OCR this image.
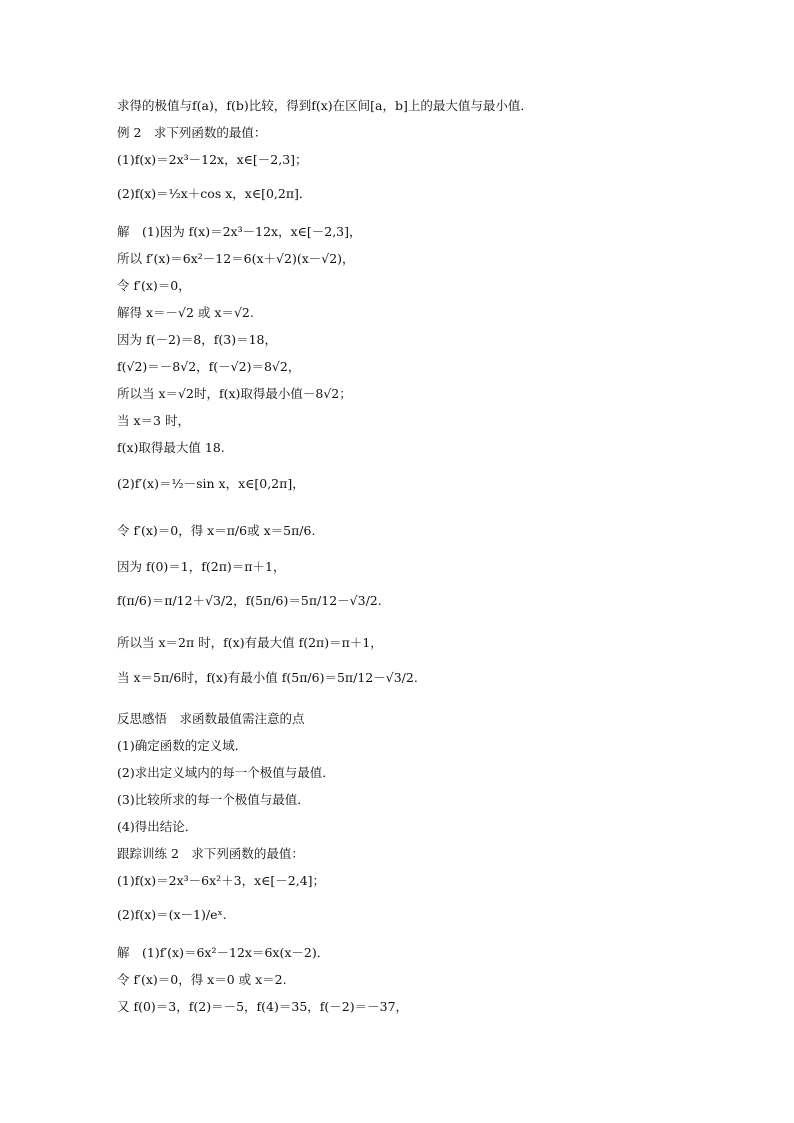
求得的极值与f(a)，f(b)比较，得到f(x)在区间[a，b]上的最大值与最小值．
例 2　求下列函数的最值：
(1)f(x)＝2x³－12x，x∈[－2,3]；
(2)f(x)＝½x＋cos x，x∈[0,2π]．
解　(1)因为 f(x)＝2x³－12x，x∈[－2,3]，
所以 f′(x)＝6x²－12＝6(x＋√2)(x－√2)，
令 f′(x)＝0，
解得 x＝－√2 或 x＝√2.
因为 f(－2)＝8，f(3)＝18，
f(√2)＝－8√2，f(－√2)＝8√2，
所以当 x＝√2时，f(x)取得最小值－8√2；
当 x＝3 时，
f(x)取得最大值 18.
(2)f′(x)＝½－sin x，x∈[0,2π]，
令 f′(x)＝0，得 x＝π/6或 x＝5π/6.
因为 f(0)＝1，f(2π)＝π＋1，
f(π/6)＝π/12＋√3/2，f(5π/6)＝5π/12－√3/2.
所以当 x＝2π 时，f(x)有最大值 f(2π)＝π＋1，
当 x＝5π/6时，f(x)有最小值 f(5π/6)＝5π/12－√3/2.
反思感悟　求函数最值需注意的点
(1)确定函数的定义域．
(2)求出定义域内的每一个极值与最值．
(3)比较所求的每一个极值与最值．
(4)得出结论．
跟踪训练 2　求下列函数的最值：
(1)f(x)＝2x³－6x²＋3，x∈[－2,4]；
(2)f(x)＝(x－1)/eˣ.
解　(1)f′(x)＝6x²－12x＝6x(x－2)．
令 f′(x)＝0，得 x＝0 或 x＝2.
又 f(0)＝3，f(2)＝－5，f(4)＝35，f(－2)＝－37，
